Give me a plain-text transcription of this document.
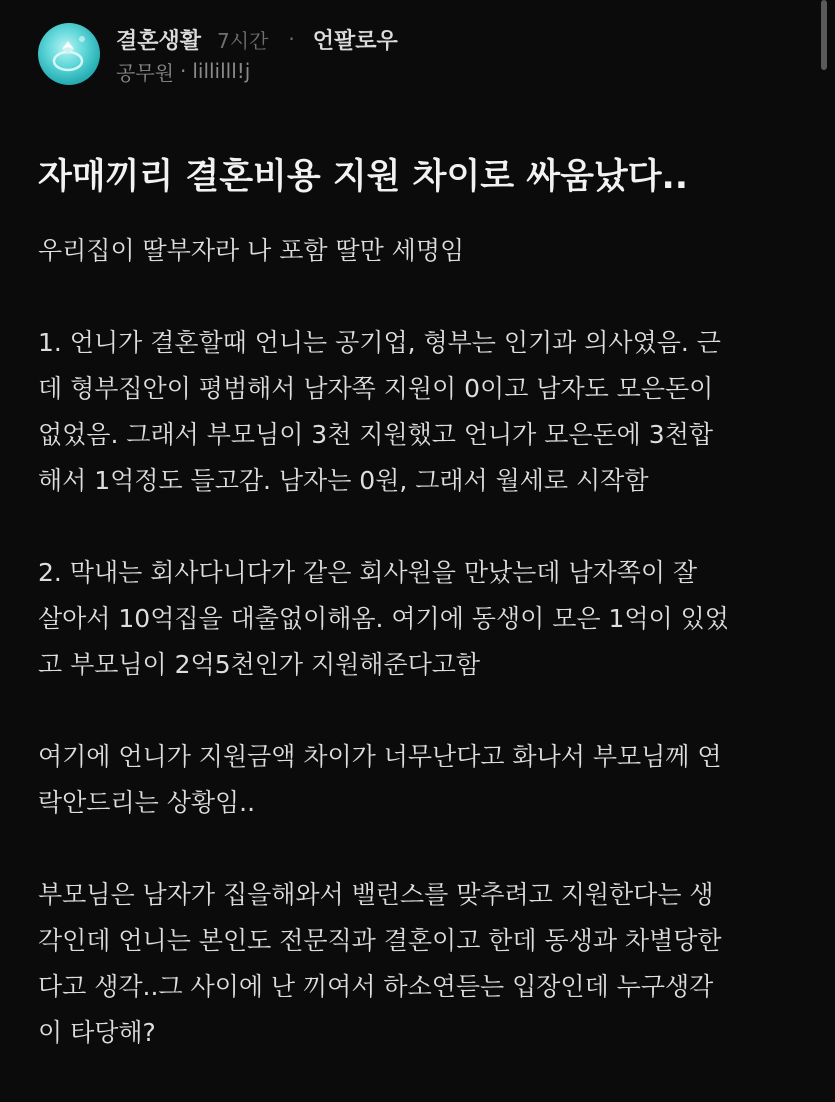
결혼생활 7시간 · 언팔로우
공무원 · lillilll!j
자매끼리 결혼비용 지원 차이로 싸움났다..

우리집이 딸부자라 나 포함 딸만 세명임

1. 언니가 결혼할때 언니는 공기업, 형부는 인기과 의사였음. 근
데 형부집안이 평범해서 남자쪽 지원이 0이고 남자도 모은돈이
없었음. 그래서 부모님이 3천 지원했고 언니가 모은돈에 3천합
해서 1억정도 들고감. 남자는 0원, 그래서 월세로 시작함

2. 막내는 회사다니다가 같은 회사원을 만났는데 남자쪽이 잘
살아서 10억집을 대출없이해옴. 여기에 동생이 모은 1억이 있었
고 부모님이 2억5천인가 지원해준다고함

여기에 언니가 지원금액 차이가 너무난다고 화나서 부모님께 연
락안드리는 상황임..

부모님은 남자가 집을해와서 밸런스를 맞추려고 지원한다는 생
각인데 언니는 본인도 전문직과 결혼이고 한데 동생과 차별당한
다고 생각..그 사이에 난 끼여서 하소연듣는 입장인데 누구생각
이 타당해?
